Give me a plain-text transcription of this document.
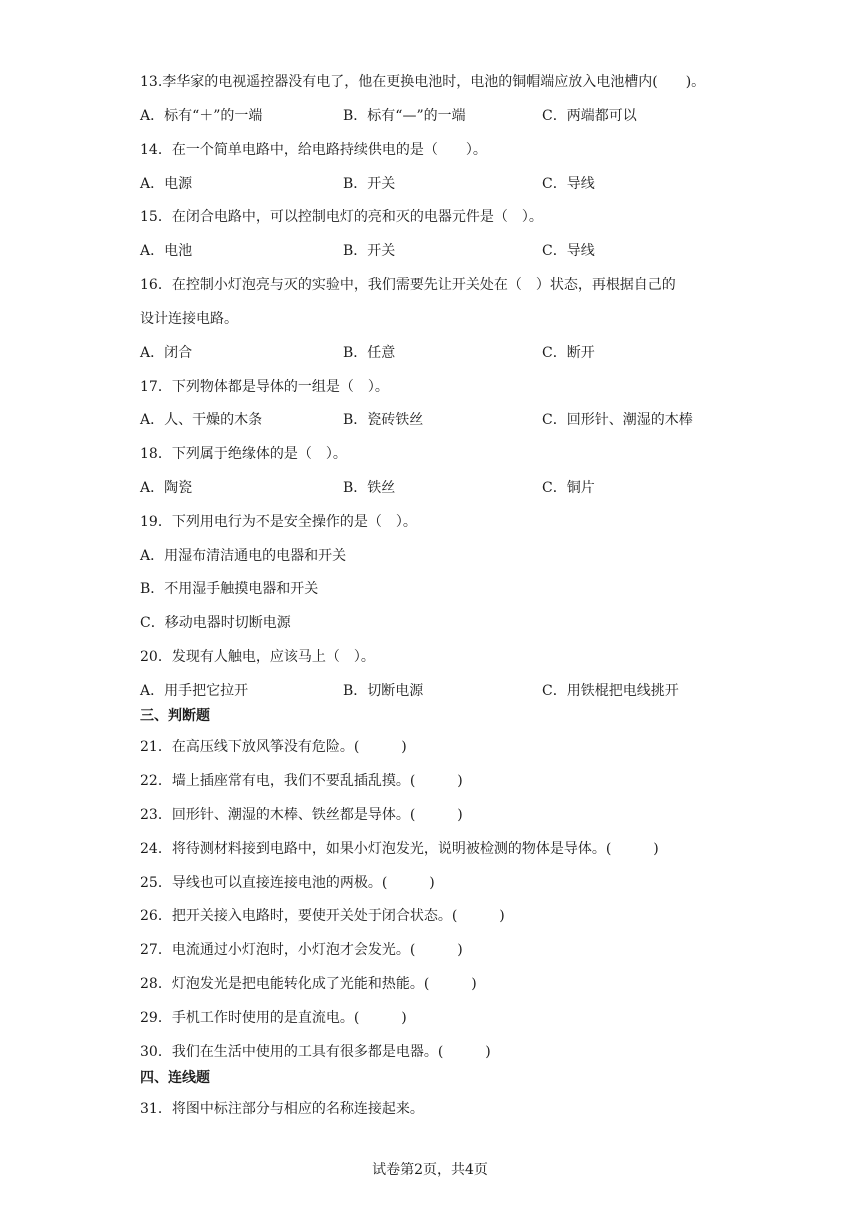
13.李华家的电视遥控器没有电了，他在更换电池时，电池的铜帽端应放入电池槽内(　　)。
A．标有“＋”的一端	B．标有“—”的一端	C．两端都可以
14．在一个简单电路中，给电路持续供电的是（　　）。
A．电源	B．开关	C．导线
15．在闭合电路中，可以控制电灯的亮和灭的电器元件是（　）。
A．电池	B．开关	C．导线
16．在控制小灯泡亮与灭的实验中，我们需要先让开关处在（　）状态，再根据自己的
设计连接电路。
A．闭合	B．任意	C．断开
17．下列物体都是导体的一组是（　）。
A．人、干燥的木条	B．瓷砖铁丝	C．回形针、潮湿的木棒
18．下列属于绝缘体的是（　）。
A．陶瓷	B．铁丝	C．铜片
19．下列用电行为不是安全操作的是（　）。
A．用湿布清洁通电的电器和开关
B．不用湿手触摸电器和开关
C．移动电器时切断电源
20．发现有人触电，应该马上（　）。
A．用手把它拉开	B．切断电源	C．用铁棍把电线挑开
三、判断题
21．在高压线下放风筝没有危险。(　　　)
22．墙上插座常有电，我们不要乱插乱摸。(　　　)
23．回形针、潮湿的木棒、铁丝都是导体。(　　　)
24．将待测材料接到电路中，如果小灯泡发光，说明被检测的物体是导体。(　　　)
25．导线也可以直接连接电池的两极。(　　　)
26．把开关接入电路时，要使开关处于闭合状态。(　　　)
27．电流通过小灯泡时，小灯泡才会发光。(　　　)
28．灯泡发光是把电能转化成了光能和热能。(　　　)
29．手机工作时使用的是直流电。(　　　)
30．我们在生活中使用的工具有很多都是电器。(　　　)
四、连线题
31．将图中标注部分与相应的名称连接起来。
试卷第2页，共4页
